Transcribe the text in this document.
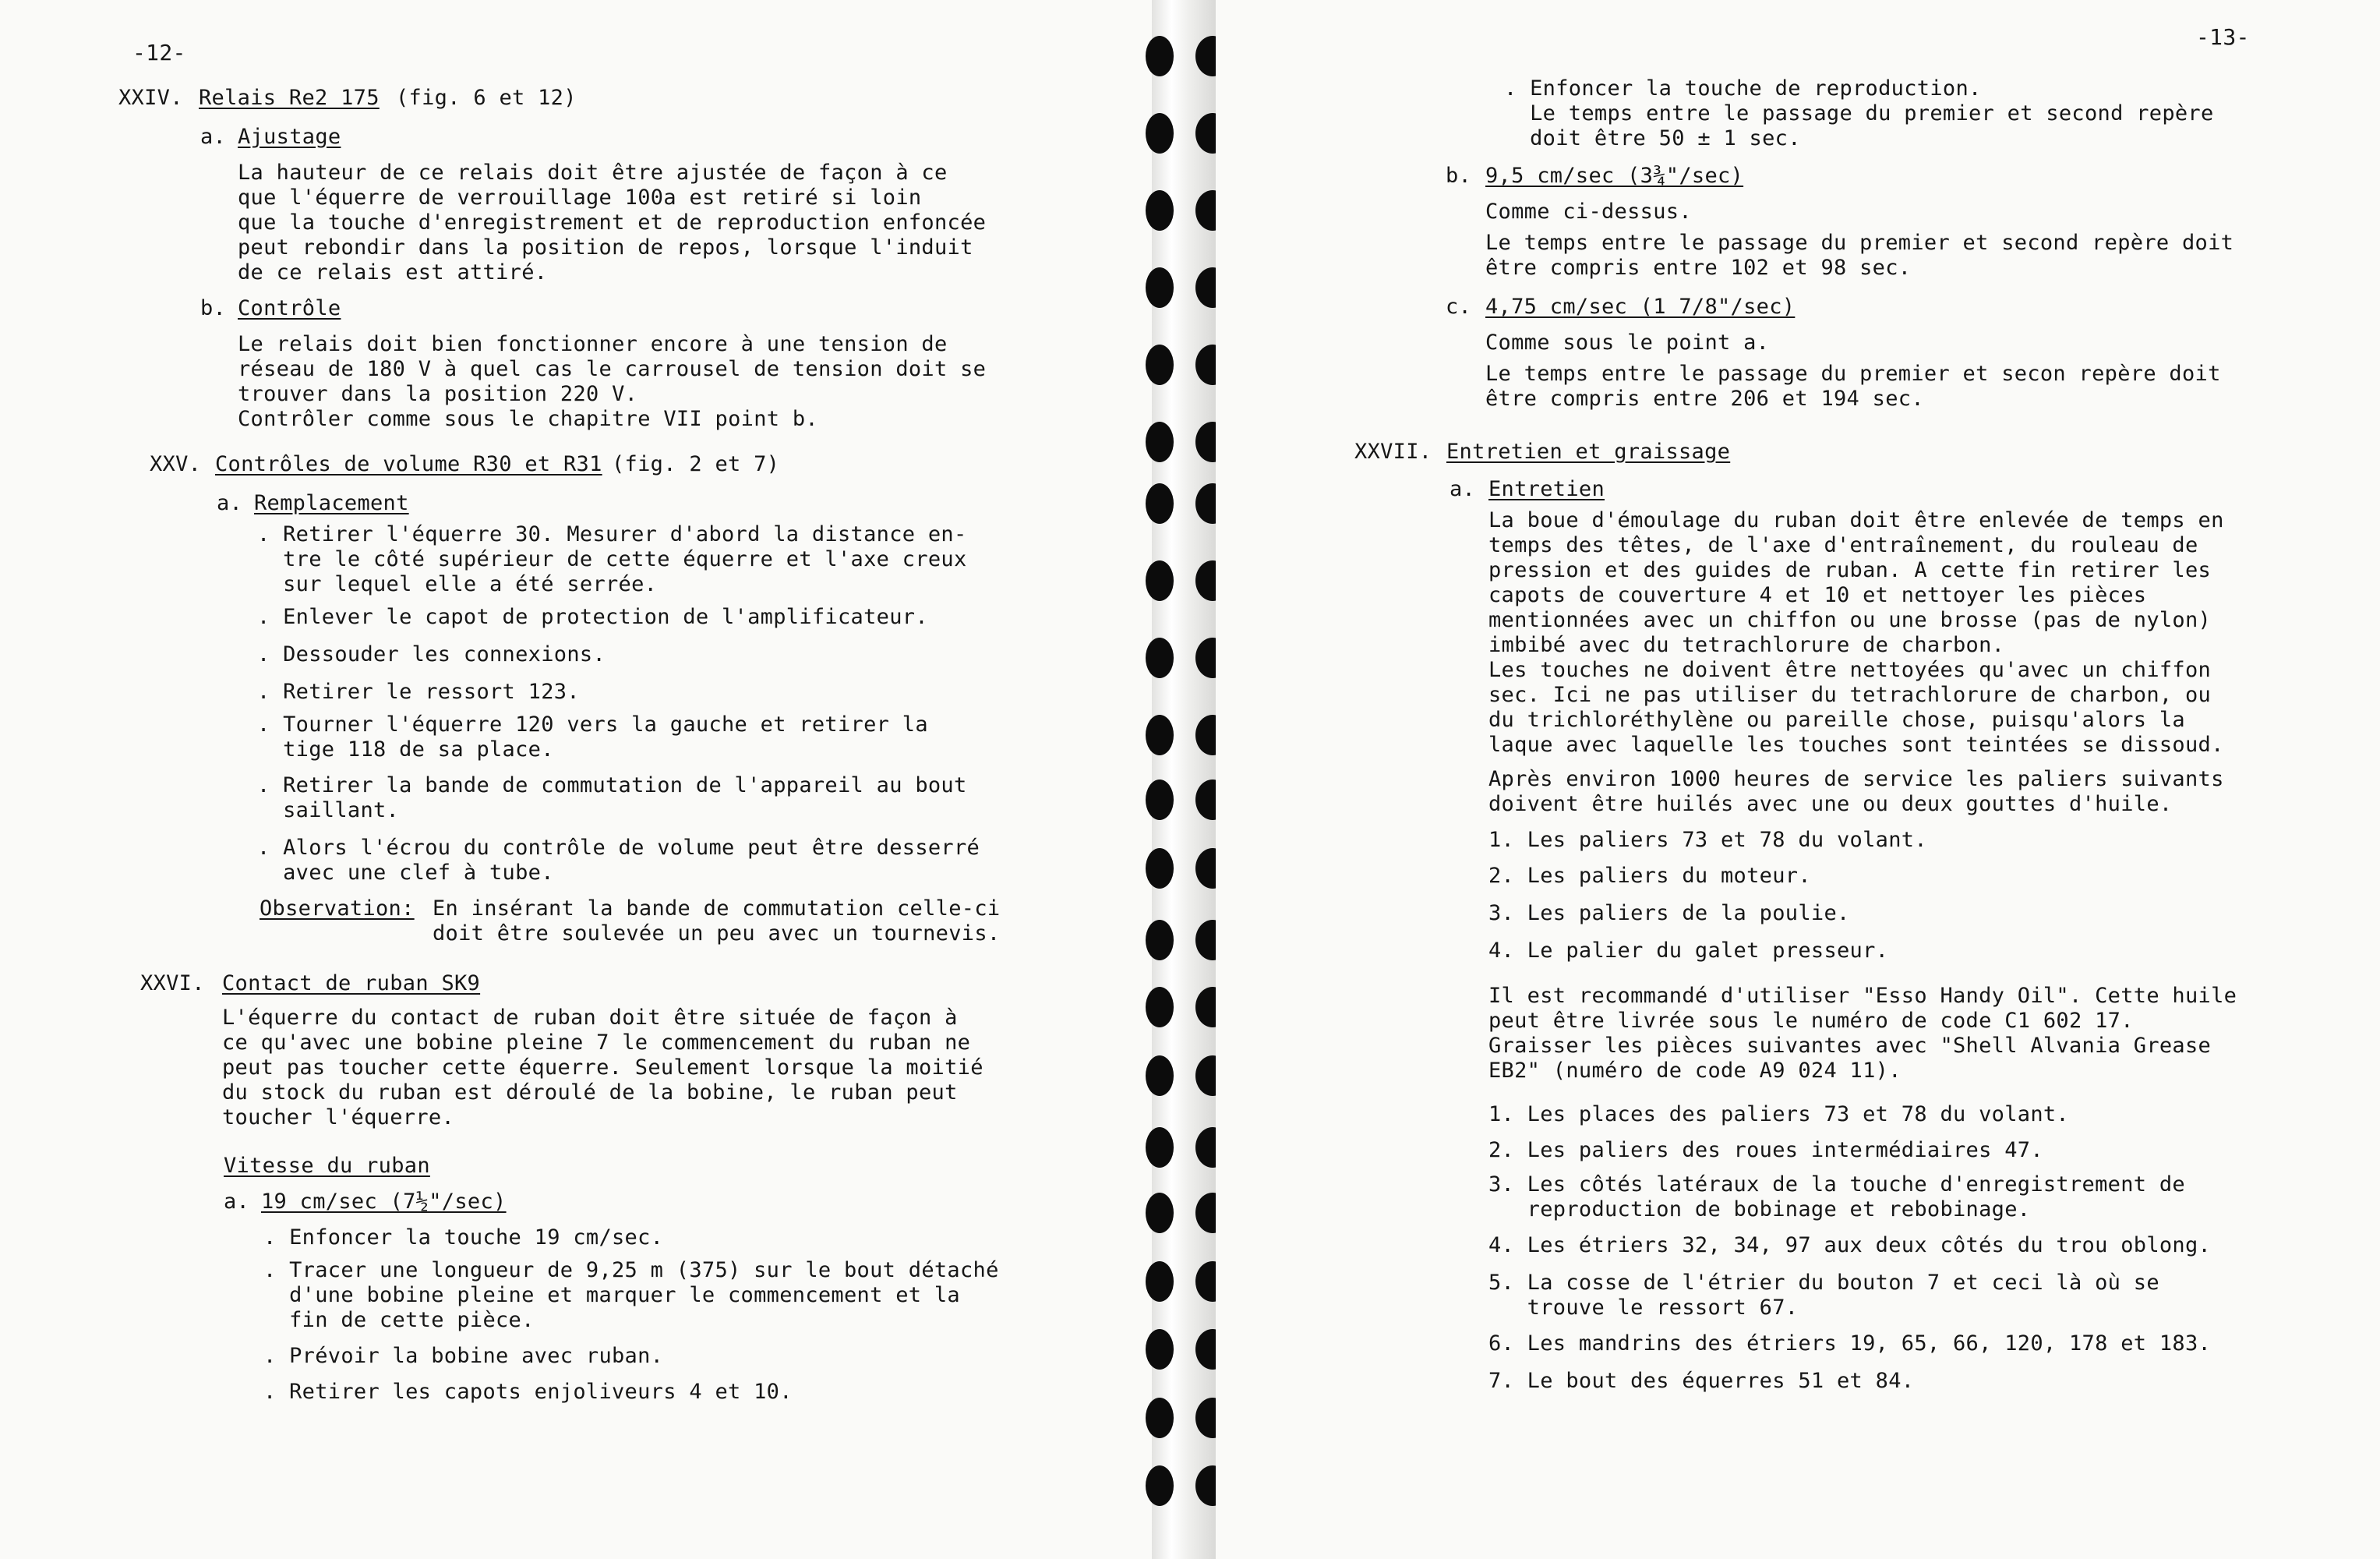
-12-
XXIV. Relais Re2 175 (fig. 6 et 12)
a. Ajustage
La hauteur de ce relais doit être ajustée de façon à ce
que l'équerre de verrouillage 100a est retiré si loin
que la touche d'enregistrement et de reproduction enfoncée
peut rebondir dans la position de repos, lorsque l'induit
de ce relais est attiré.
b. Contrôle
Le relais doit bien fonctionner encore à une tension de
réseau de 180 V à quel cas le carrousel de tension doit se
trouver dans la position 220 V.
Contrôler comme sous le chapitre VII point b.
XXV. Contrôles de volume R30 et R31 (fig. 2 et 7)
a. Remplacement
. Retirer l'équerre 30. Mesurer d'abord la distance en-
tre le côté supérieur de cette équerre et l'axe creux
sur lequel elle a été serrée.
. Enlever le capot de protection de l'amplificateur.
. Dessouder les connexions.
. Retirer le ressort 123.
. Tourner l'équerre 120 vers la gauche et retirer la
tige 118 de sa place.
. Retirer la bande de commutation de l'appareil au bout
saillant.
. Alors l'écrou du contrôle de volume peut être desserré
avec une clef à tube.
Observation: En insérant la bande de commutation celle-ci
doit être soulevée un peu avec un tournevis.
XXVI. Contact de ruban SK9
L'équerre du contact de ruban doit être située de façon à
ce qu'avec une bobine pleine 7 le commencement du ruban ne
peut pas toucher cette équerre. Seulement lorsque la moitié
du stock du ruban est déroulé de la bobine, le ruban peut
toucher l'équerre.
Vitesse du ruban
a. 19 cm/sec (7½"/sec)
. Enfoncer la touche 19 cm/sec.
. Tracer une longueur de 9,25 m (375) sur le bout détaché
d'une bobine pleine et marquer le commencement et la
fin de cette pièce.
. Prévoir la bobine avec ruban.
. Retirer les capots enjoliveurs 4 et 10.
-13-
. Enfoncer la touche de reproduction.
Le temps entre le passage du premier et second repère
doit être 50 ± 1 sec.
b. 9,5 cm/sec (3¾"/sec)
Comme ci-dessus.
Le temps entre le passage du premier et second repère doit
être compris entre 102 et 98 sec.
c. 4,75 cm/sec (1 7/8"/sec)
Comme sous le point a.
Le temps entre le passage du premier et secon repère doit
être compris entre 206 et 194 sec.
XXVII. Entretien et graissage
a. Entretien
La boue d'émoulage du ruban doit être enlevée de temps en
temps des têtes, de l'axe d'entraînement, du rouleau de
pression et des guides de ruban. A cette fin retirer les
capots de couverture 4 et 10 et nettoyer les pièces
mentionnées avec un chiffon ou une brosse (pas de nylon)
imbibé avec du tetrachlorure de charbon.
Les touches ne doivent être nettoyées qu'avec un chiffon
sec. Ici ne pas utiliser du tetrachlorure de charbon, ou
du trichloréthylène ou pareille chose, puisqu'alors la
laque avec laquelle les touches sont teintées se dissoud.
Après environ 1000 heures de service les paliers suivants
doivent être huilés avec une ou deux gouttes d'huile.
1. Les paliers 73 et 78 du volant.
2. Les paliers du moteur.
3. Les paliers de la poulie.
4. Le palier du galet presseur.
Il est recommandé d'utiliser "Esso Handy Oil". Cette huile
peut être livrée sous le numéro de code C1 602 17.
Graisser les pièces suivantes avec "Shell Alvania Grease
EB2" (numéro de code A9 024 11).
1. Les places des paliers 73 et 78 du volant.
2. Les paliers des roues intermédiaires 47.
3. Les côtés latéraux de la touche d'enregistrement de
reproduction de bobinage et rebobinage.
4. Les étriers 32, 34, 97 aux deux côtés du trou oblong.
5. La cosse de l'étrier du bouton 7 et ceci là où se
trouve le ressort 67.
6. Les mandrins des étriers 19, 65, 66, 120, 178 et 183.
7. Le bout des équerres 51 et 84.
